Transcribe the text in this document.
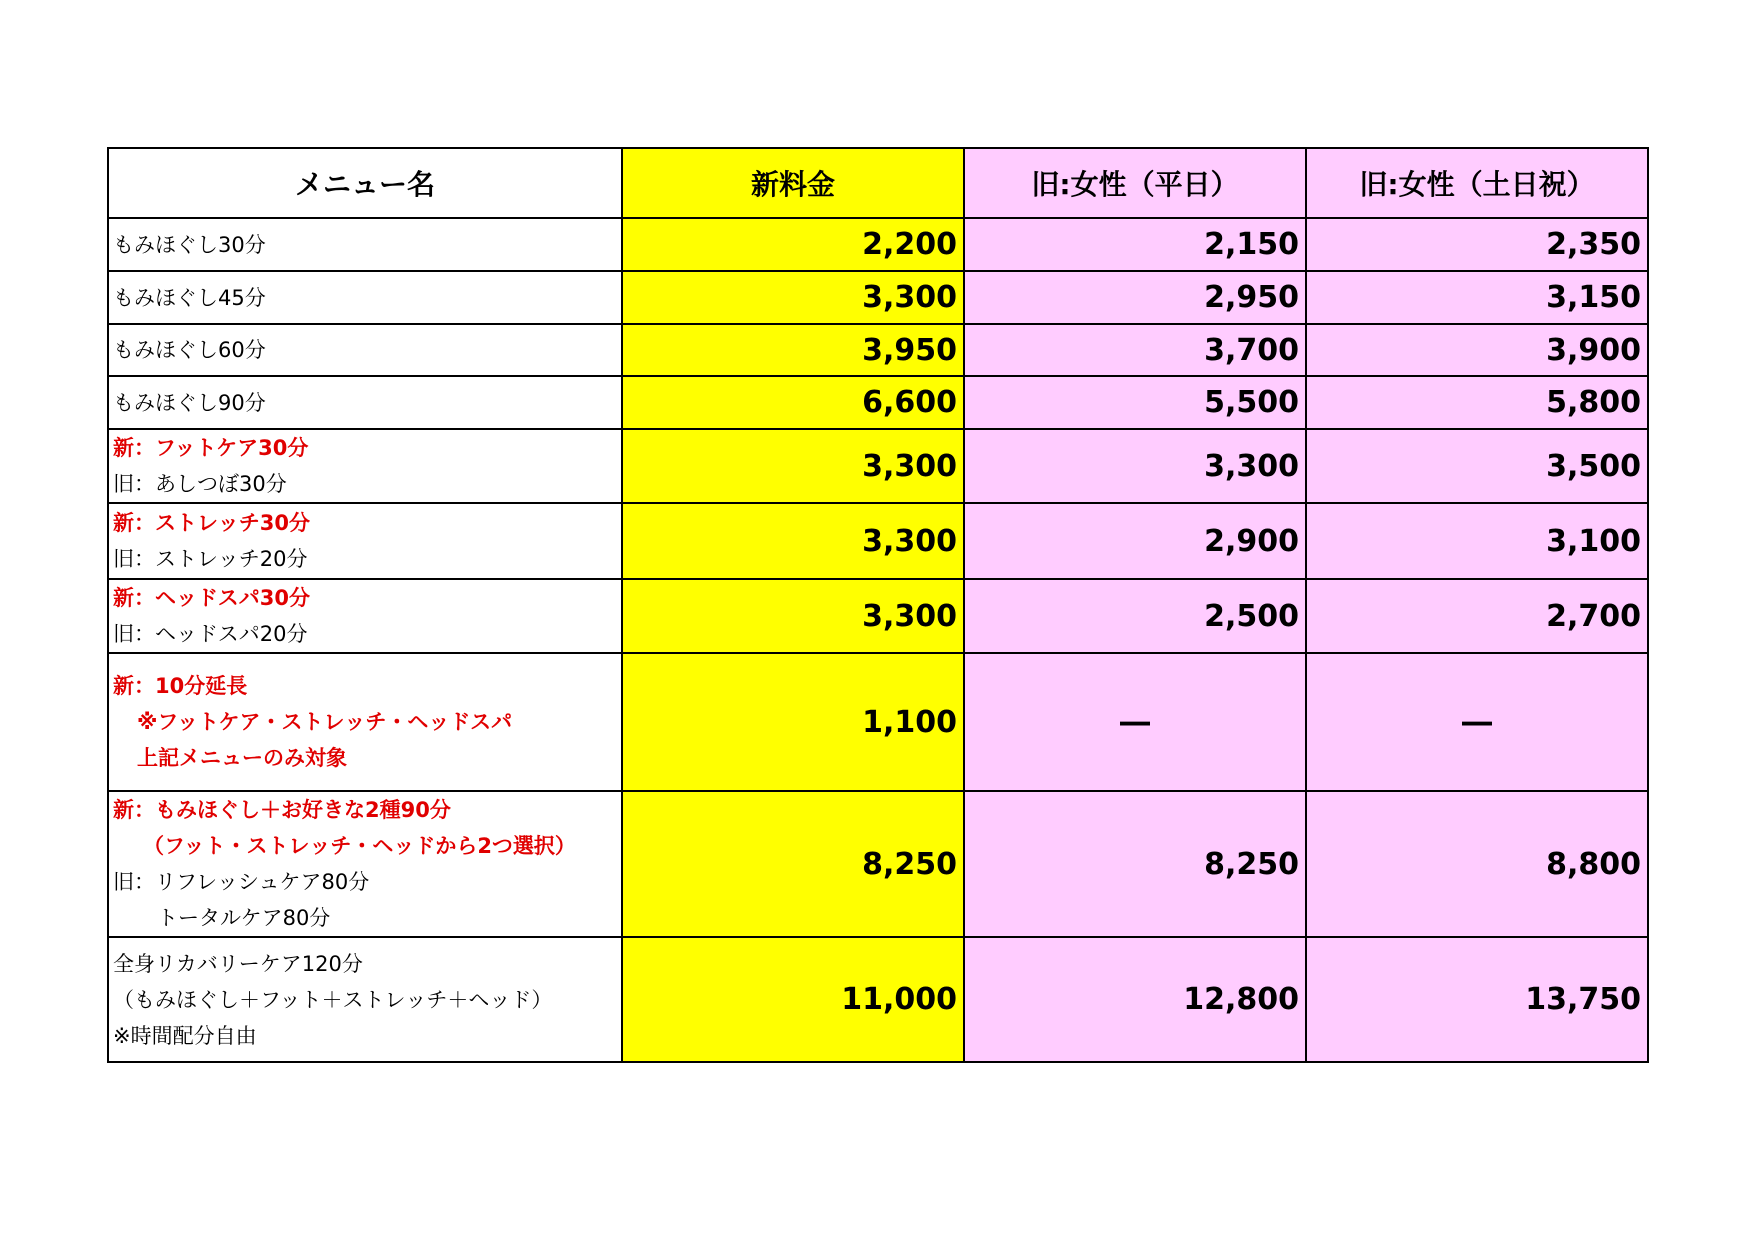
メニュー名	新料金	旧:女性（平日）	旧:女性（土日祝）

もみほぐし30分	2,200	2,150	2,350

もみほぐし45分	3,300	2,950	3,150

もみほぐし60分	3,950	3,700	3,900

もみほぐし90分	6,600	5,500	5,800

新：フットケア30分
旧：あしつぼ30分	3,300	3,300	3,500

新：ストレッチ30分
旧：ストレッチ20分	3,300	2,900	3,100

新：ヘッドスパ30分
旧：ヘッドスパ20分	3,300	2,500	2,700

新：10分延長
※フットケア・ストレッチ・ヘッドスパ
上記メニューのみ対象	1,100	―	―

新：もみほぐし＋お好きな2種90分
（フット・ストレッチ・ヘッドから2つ選択）
旧：リフレッシュケア80分
トータルケア80分	8,250	8,250	8,800

全身リカバリーケア120分
（もみほぐし＋フット＋ストレッチ＋ヘッド）
※時間配分自由	11,000	12,800	13,750
